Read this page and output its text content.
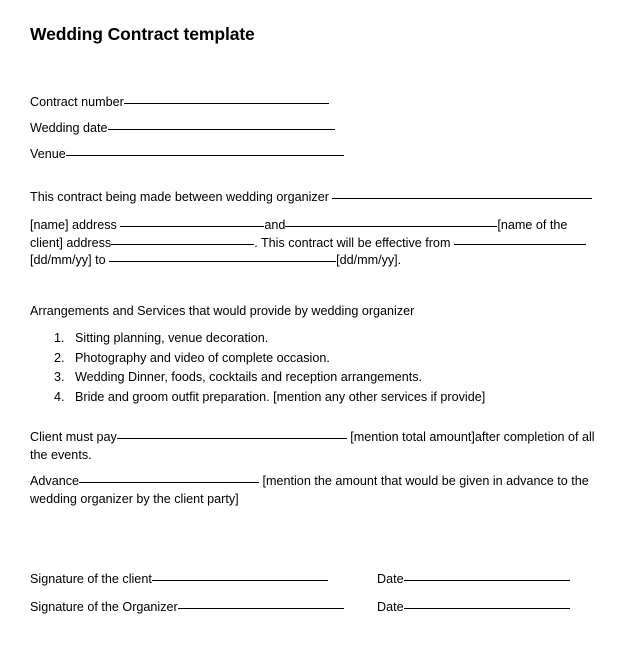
Wedding Contract template
Contract number
Wedding date
Venue
This contract being made between wedding organizer
[name] address	and	[name of the client] address	. This contract will be effective from  [dd/mm/yy] to	[dd/mm/yy].
Arrangements and Services that would provide by wedding organizer
1. Sitting planning, venue decoration.
2. Photography and video of complete occasion.
3. Wedding Dinner, foods, cocktails and reception arrangements.
4. Bride and groom outfit preparation. [mention any other services if provide]
Client must pay	[mention total amount]after completion of all the events.
Advance	[mention the amount that would be given in advance to the wedding organizer by the client party]
Signature of the client	Date
Signature of the Organizer	Date
